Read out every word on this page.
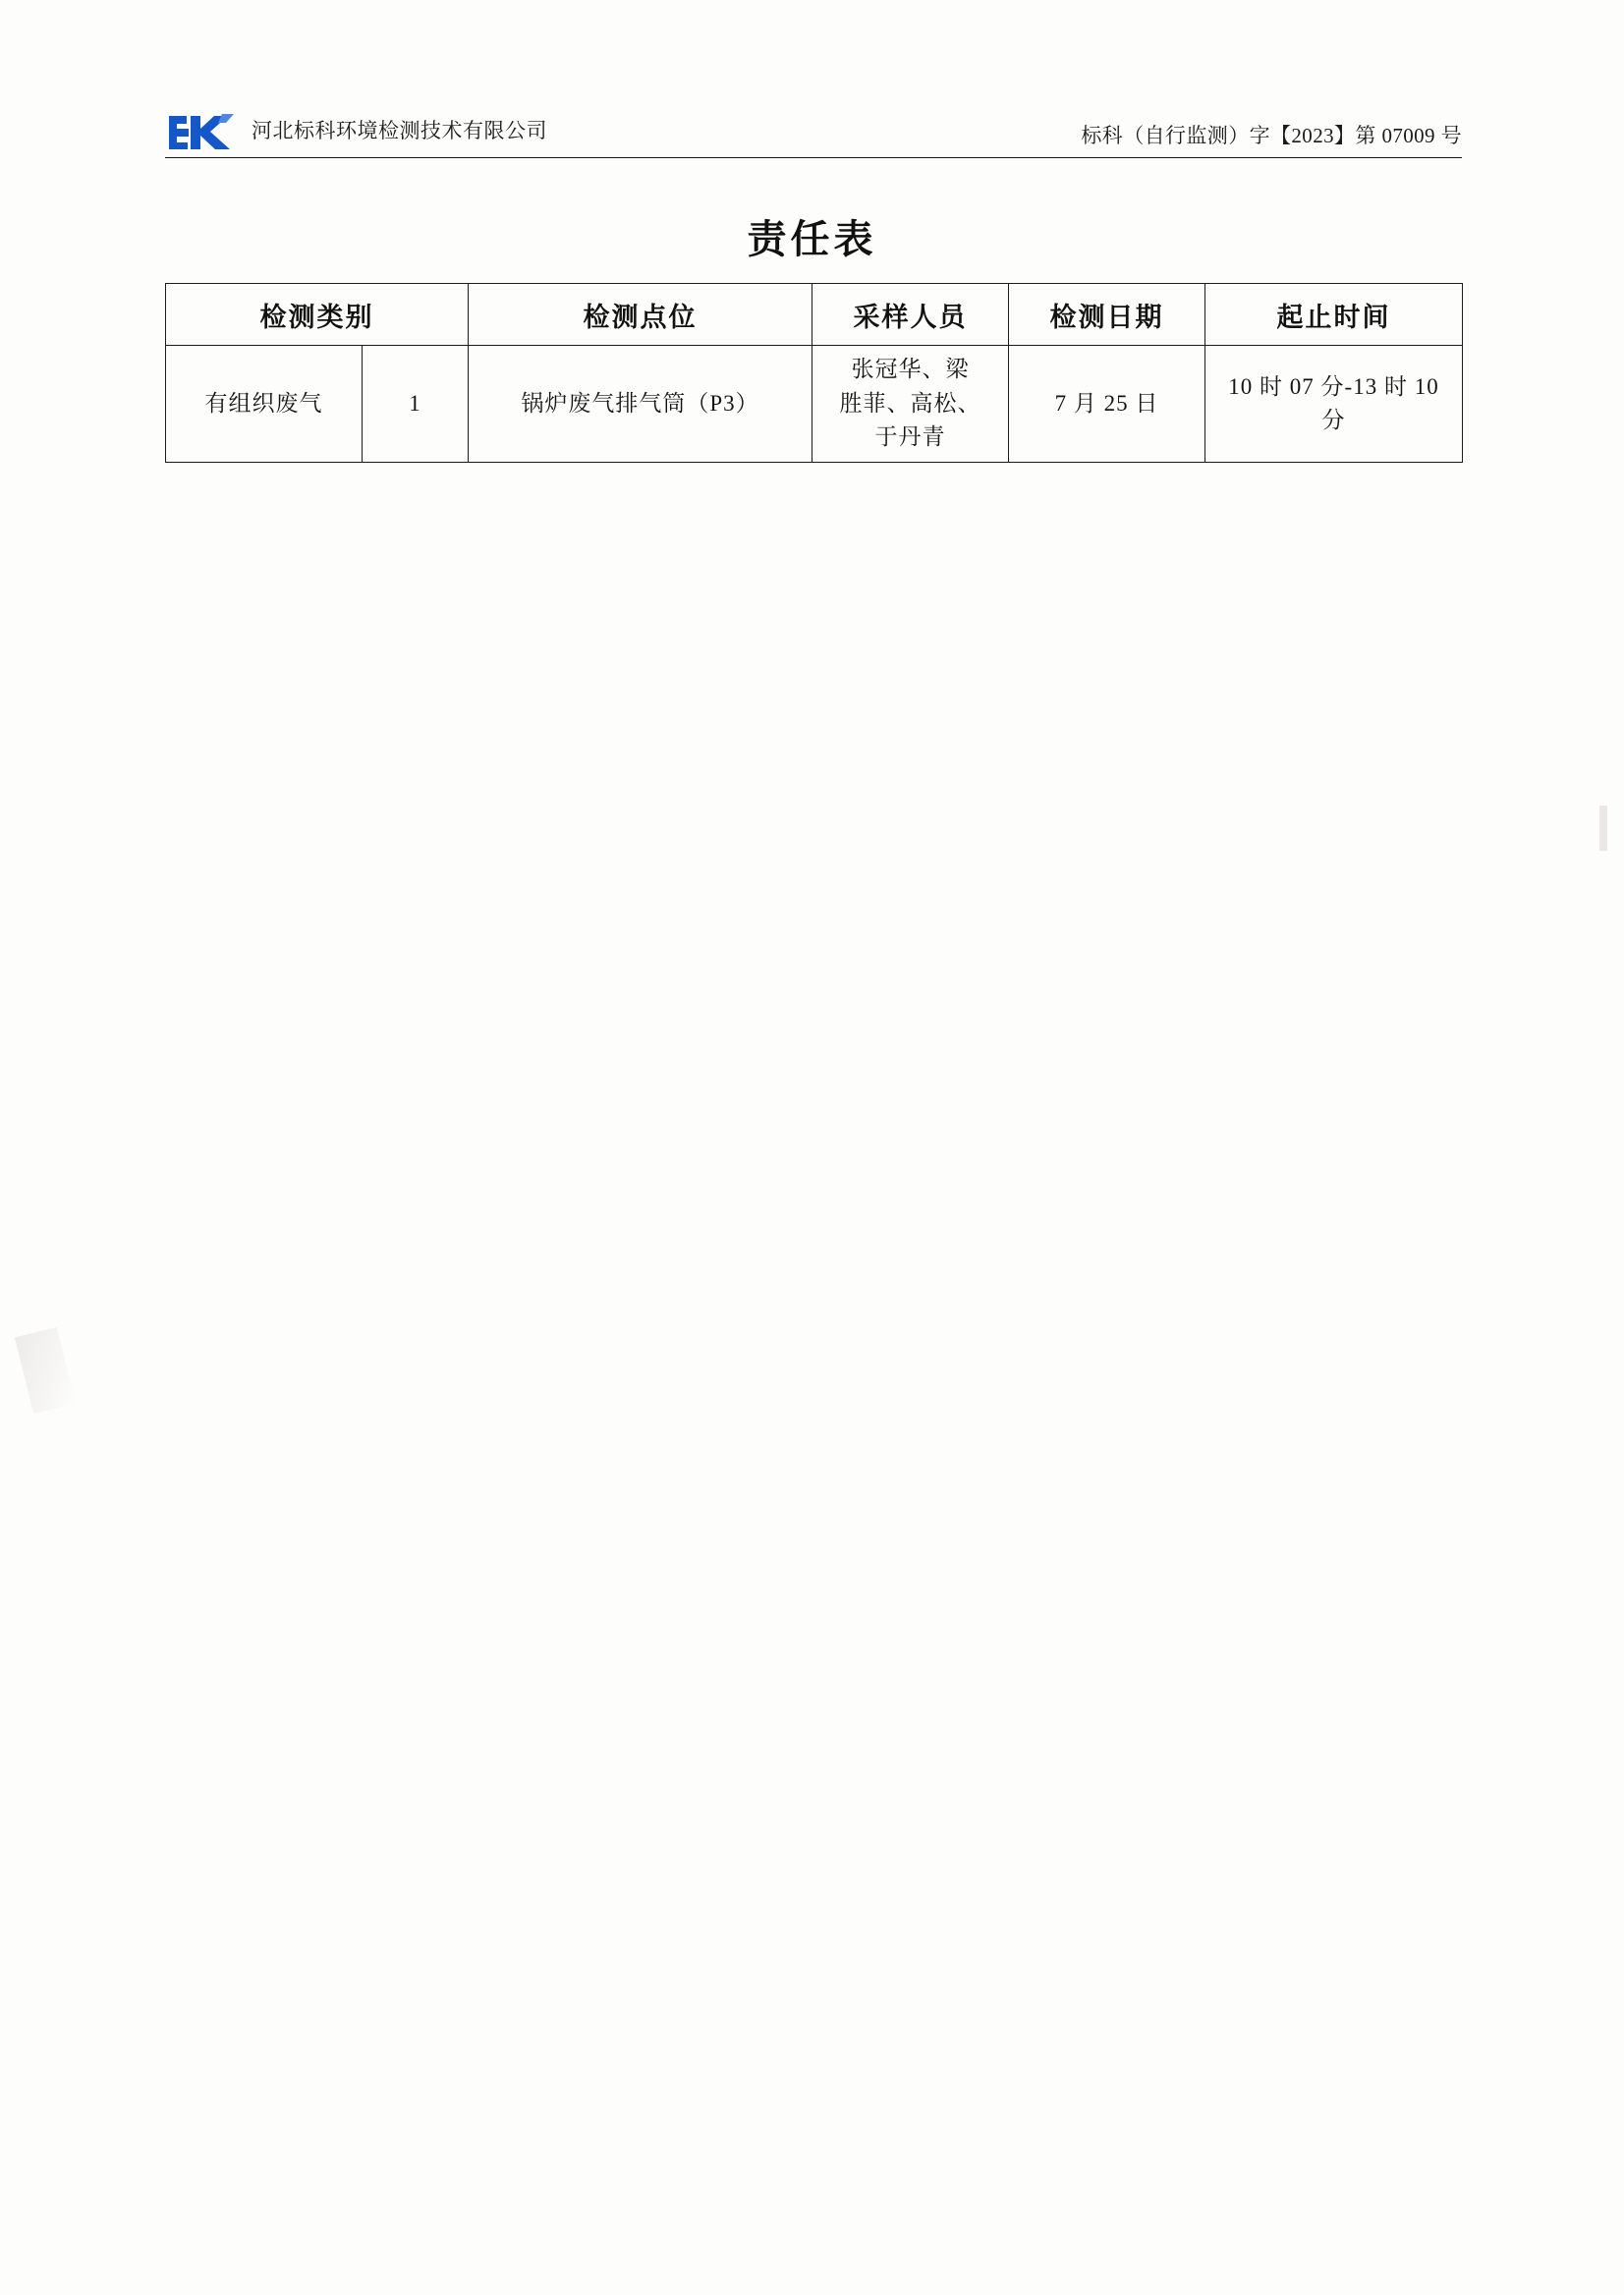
河北标科环境检测技术有限公司	标科（自行监测）字【2023】第 07009 号
责任表
检测类别		检测点位	采样人员	检测日期	起止时间
有组织废气	1	锅炉废气排气筒（P3）	张冠华、梁
胜菲、高松、
于丹青	7 月 25 日	10 时 07 分-13 时 10
分
